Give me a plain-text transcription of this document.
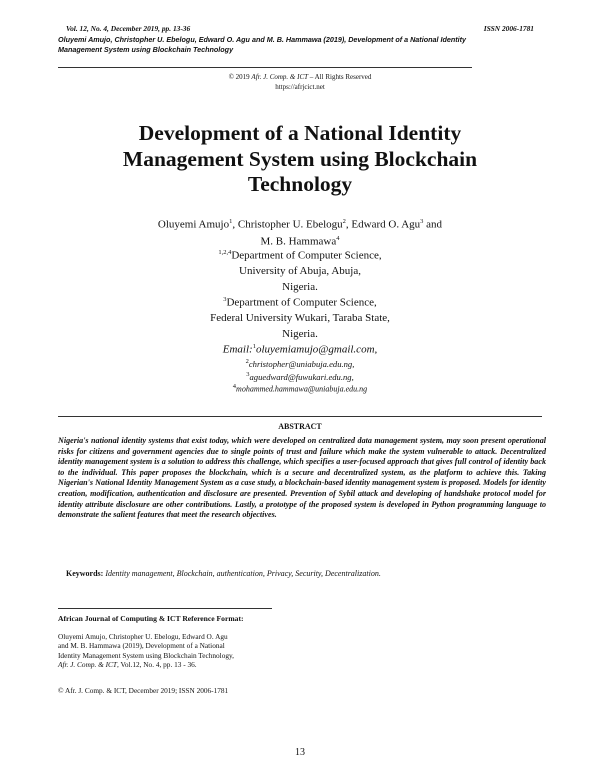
Vol. 12, No. 4, December 2019, pp. 13-36	ISSN 2006-1781
Oluyemi Amujo, Christopher U. Ebelogu, Edward O. Agu and M. B. Hammawa (2019), Development of a National Identity
Management System using Blockchain Technology
© 2019 Afr. J. Comp. & ICT – All Rights Reserved
https://afrjcict.net
Development of a National Identity
Management System using Blockchain
Technology
Oluyemi Amujo$^1$, Christopher U. Ebelogu$^2$, Edward O. Agu$^3$ and
M. B. Hammawa$^4$
$^{1,2,4}$Department of Computer Science,
University of Abuja, Abuja,
Nigeria.
$^3$Department of Computer Science,
Federal University Wukari, Taraba State,
Nigeria.
Email:$^1$oluyemiamujo@gmail.com,
$^2$christopher@uniabuja.edu.ng,
$^3$aguedward@fuwukari.edu.ng,
$^4$mohammed.hammawa@uniabuja.edu.ng
ABSTRACT
Nigeria's national identity systems that exist today, which were developed on centralized data management system, may soon present operational risks for citizens and government agencies due to single points of trust and failure which make the system vulnerable to attack. Decentralized identity management system is a solution to address this challenge, which specifies a user-focused approach that gives full control of identity back to the individual. This paper proposes the blockchain, which is a secure and decentralized system, as the platform to achieve this. Taking Nigerian's National Identity Management System as a case study, a blockchain-based identity management system is proposed. Models for identity creation, modification, authentication and disclosure are presented. Prevention of Sybil attack and developing of handshake protocol model for identity attribute disclosure are other contributions. Lastly, a prototype of the proposed system is developed in Python programming language to demonstrate the salient features that meet the research objectives.
Keywords: Identity management, Blockchain, authentication, Privacy, Security, Decentralization.
African Journal of Computing & ICT Reference Format:
Oluyemi Amujo, Christopher U. Ebelogu, Edward O. Agu
and M. B. Hammawa (2019), Development of a National
Identity Management System using Blockchain Technology,
Afr. J. Comp. & ICT, Vol.12, No. 4, pp. 13 - 36.
© Afr. J. Comp. & ICT, December 2019; ISSN 2006-1781
13
